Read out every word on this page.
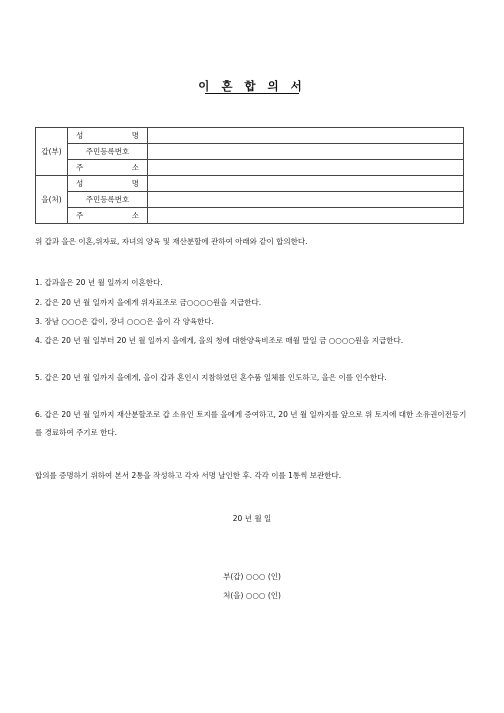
이 혼 합 의 서
갑(부)	성 명	
	주민등록번호	
	주 소	
을(처)	성 명	
	주민등록번호	
	주 소	
위 갑과 을은 이혼,위자료, 자녀의 양육 및 재산분할에 관하여 아래와 같이 합의한다.
1. 갑과을은 20 년 월 일까지 이혼한다.
2. 갑은 20 년 월 일까지 을에게 위자료조로 금○○○○원을 지급한다.
3. 장남 ○○○은 갑이, 장녀 ○○○은 을이 각 양육한다.
4. 갑은 20 년 월 일부터 20 년 월 일까지 을에게, 을의 청에 대한양육비조로 매월 말일 금 ○○○○원을 지급한다.
5. 갑은 20 년 월 일까지 을에게, 을이 갑과 혼인시 지참하였던 혼수품 일체를 인도하고, 을은 이를 인수한다.
6. 갑은 20 년 월 일까지 재산분할조로 갑 소유인 토지를 을에게 증여하고, 20 년 월 일까지를 앞으로 위 토지에 대한 소유권이전등기를 경료하여 주기로 한다.
합의를 증명하기 위하여 본서 2통을 작성하고 각자 서명 날인한 후. 각각 이를 1통씩 보관한다.
20 년 월 일
부(갑) ○○○ (인)
처(을) ○○○ (인)
